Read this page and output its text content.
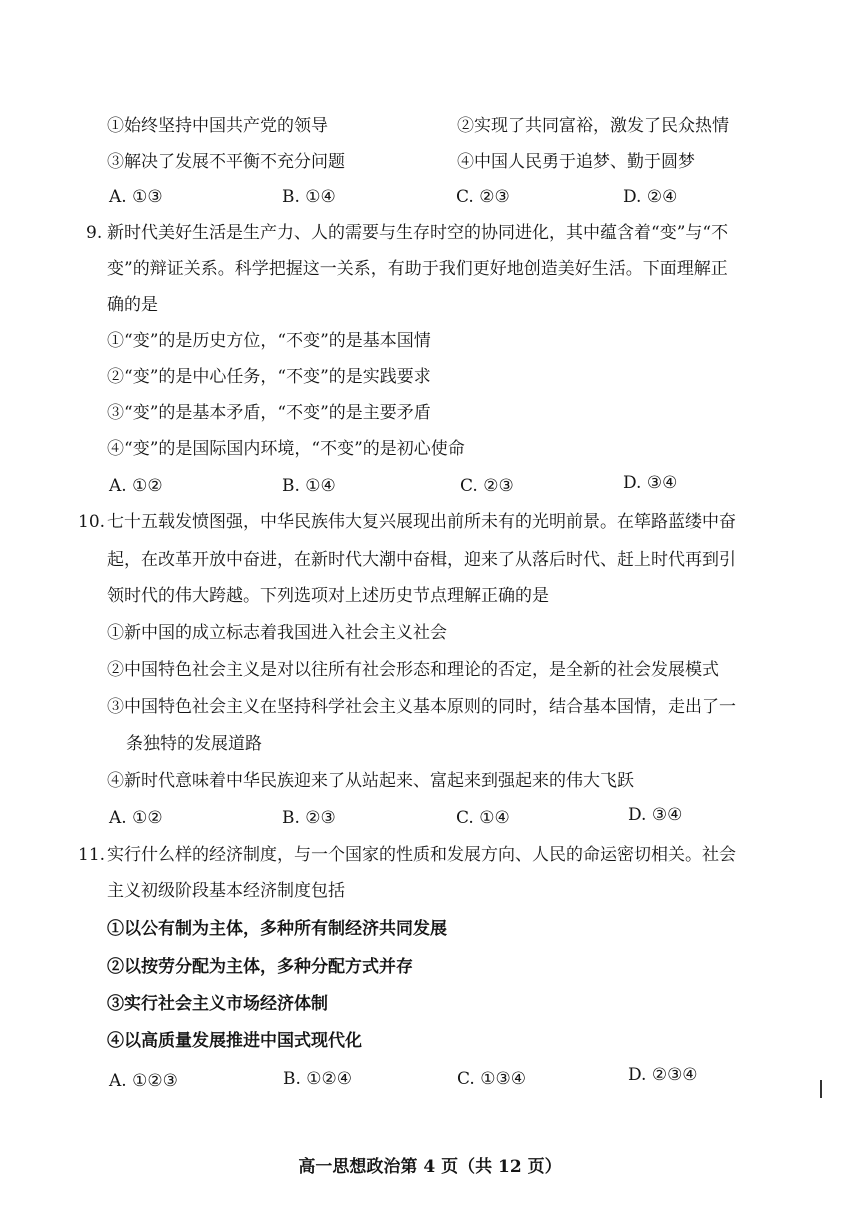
①始终坚持中国共产党的领导	②实现了共同富裕，激发了民众热情
③解决了发展不平衡不充分问题	④中国人民勇于追梦、勤于圆梦
A. ①③	B. ①④	C. ②③	D. ②④
9. 新时代美好生活是生产力、人的需要与生存时空的协同进化，其中蕴含着“变”与“不
变”的辩证关系。科学把握这一关系，有助于我们更好地创造美好生活。下面理解正
确的是
①“变”的是历史方位，“不变”的是基本国情
②“变”的是中心任务，“不变”的是实践要求
③“变”的是基本矛盾，“不变”的是主要矛盾
④“变”的是国际国内环境，“不变”的是初心使命
A. ①②	B. ①④	C. ②③	D. ③④
10. 七十五载发愤图强，中华民族伟大复兴展现出前所未有的光明前景。在筚路蓝缕中奋
起，在改革开放中奋进，在新时代大潮中奋楫，迎来了从落后时代、赶上时代再到引
领时代的伟大跨越。下列选项对上述历史节点理解正确的是
①新中国的成立标志着我国进入社会主义社会
②中国特色社会主义是对以往所有社会形态和理论的否定，是全新的社会发展模式
③中国特色社会主义在坚持科学社会主义基本原则的同时，结合基本国情，走出了一
条独特的发展道路
④新时代意味着中华民族迎来了从站起来、富起来到强起来的伟大飞跃
A. ①②	B. ②③	C. ①④	D. ③④
11. 实行什么样的经济制度，与一个国家的性质和发展方向、人民的命运密切相关。社会
主义初级阶段基本经济制度包括
①以公有制为主体，多种所有制经济共同发展
②以按劳分配为主体，多种分配方式并存
③实行社会主义市场经济体制
④以高质量发展推进中国式现代化
A. ①②③	B. ①②④	C. ①③④	D. ②③④
高一思想政治第 4 页（共 12 页）
